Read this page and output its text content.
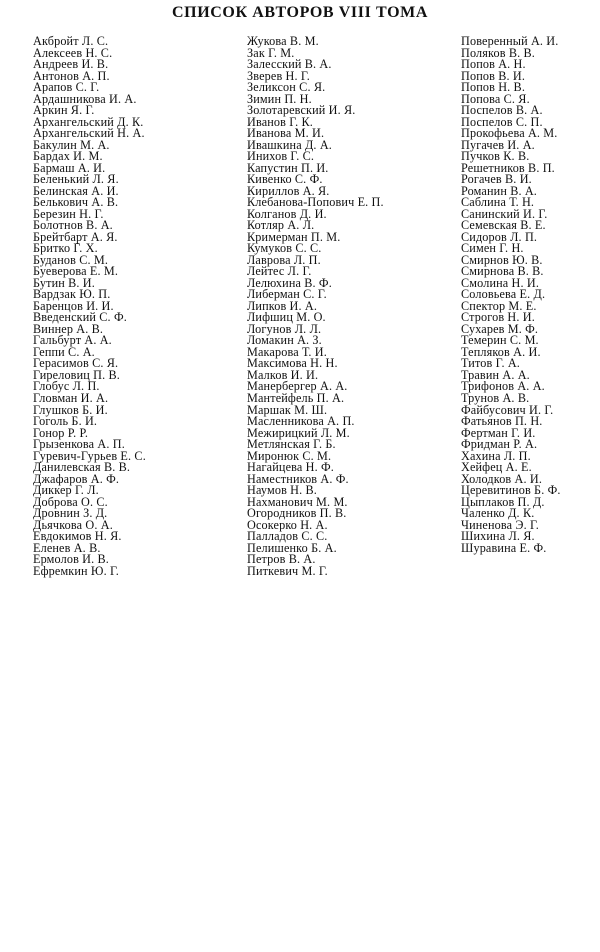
СПИСОК АВТОРОВ VIII ТОМА
Акбройт Л. С.
Алексеев Н. С.
Андреев И. В.
Антонов А. П.
Арапов С. Г.
Ардашникова И. А.
Аркин Я. Г.
Архангельский Д. К.
Архангельский Н. А.
Бакулин М. А.
Бардах И. М.
Бармаш А. И.
Беленький Л. Я.
Белинская А. И.
Белькович А. В.
Березин Н. Г.
Болотнов В. А.
Брейтбарт А. Я.
Бритко Г. Х.
Буданов С. М.
Буеверова Е. М.
Бутин В. И.
Вардзак Ю. П.
Баренцов И. И.
Введенский С. Ф.
Виннер А. В.
Гальбурт А. А.
Геппи С. А.
Герасимов С. Я.
Гиреловиц П. В.
Глобус Л. П.
Гловман И. А.
Глушков Б. И.
Гоголь Б. И.
Гонор Р. Р.
Грызенкова А. П.
Гуревич-Гурьев Е. С.
Данилевская В. В.
Джафаров А. Ф.
Диккер Г. Л.
Доброва О. С.
Дровнин З. Д.
Дьячкова О. А.
Евдокимов Н. Я.
Еленев А. В.
Ермолов И. В.
Ефремкин Ю. Г.
Жукова В. М.
Зак Г. М.
Залесский В. А.
Зверев Н. Г.
Зеликсон С. Я.
Зимин П. Н.
Золотаревский И. Я.
Иванов Г. К.
Иванова М. И.
Ивашкина Д. А.
Инихов Г. С.
Капустин П. И.
Кивенко С. Ф.
Кириллов А. Я.
Клебанова-Попович Е. П.
Колганов Д. И.
Котляр А. Л.
Кримерман П. М.
Кумуков С. С.
Лаврова Л. П.
Лейтес Л. Г.
Лелюхина В. Ф.
Либерман С. Г.
Липков И. А.
Лифшиц М. О.
Логунов Л. Л.
Ломакин А. З.
Макарова Т. И.
Максимова Н. Н.
Малков И. И.
Манербергер А. А.
Мантейфель П. А.
Маршак М. Ш.
Масленникова А. П.
Межирицкий Л. М.
Метлянская Г. Б.
Миронюк С. М.
Нагайцева Н. Ф.
Наместников А. Ф.
Наумов Н. В.
Нахманович М. М.
Огородников П. В.
Осокерко Н. А.
Палладов С. С.
Пелишенко Б. А.
Петров В. А.
Питкевич М. Г.
Поверенный А. И.
Поляков В. В.
Попов А. Н.
Попов В. И.
Попов Н. В.
Попова С. Я.
Поспелов В. А.
Поспелов С. П.
Прокофьева А. М.
Пугачев И. А.
Пучков К. В.
Решетников В. П.
Рогачев В. И.
Романин В. А.
Саблина Т. Н.
Санинский И. Г.
Семевская В. Е.
Сидоров Л. П.
Симен Г. Н.
Смирнов Ю. В.
Смирнова В. В.
Смолина Н. И.
Соловьева Е. Д.
Спектор М. Е.
Строгов Н. И.
Сухарев М. Ф.
Темерин С. М.
Тепляков А. И.
Титов Г. А.
Травин А. А.
Трифонов А. А.
Трунов А. В.
Файбусович И. Г.
Фатьянов П. Н.
Фертман Г. И.
Фридман Р. А.
Хахина Л. П.
Хейфец А. Е.
Холодков А. И.
Церевитинов Б. Ф.
Цыплаков П. Д.
Чаленко Д. К.
Чиненова Э. Г.
Шихина Л. Я.
Шуравина Е. Ф.
